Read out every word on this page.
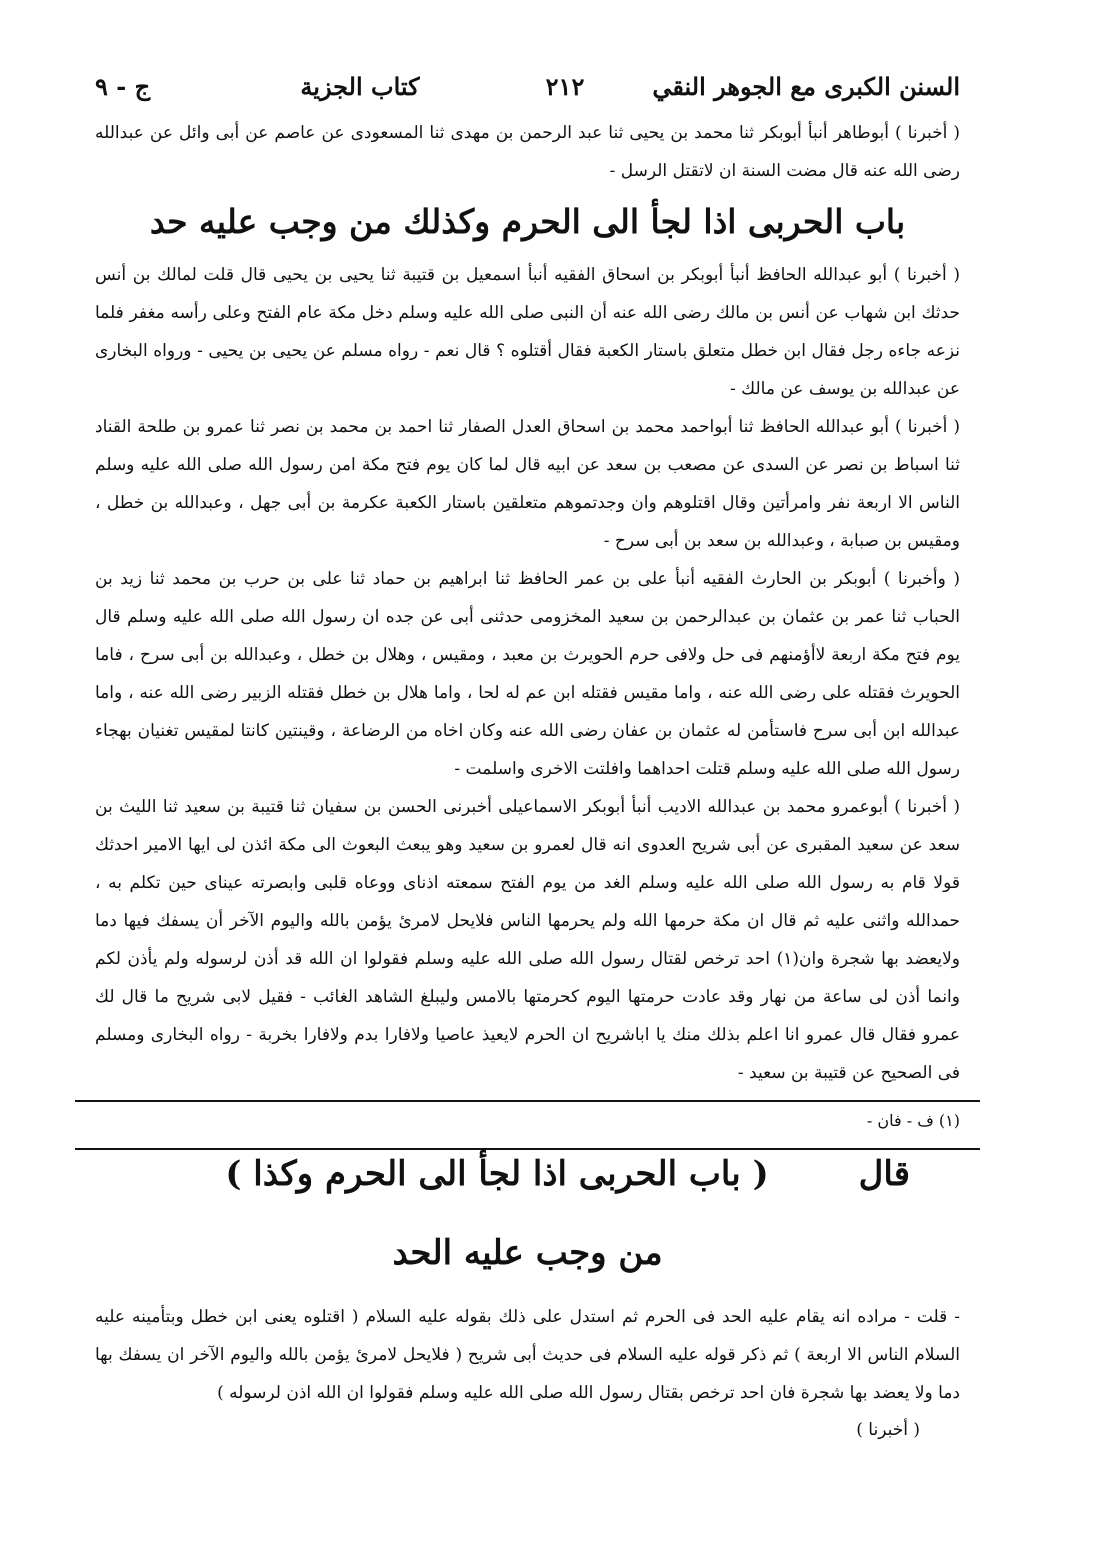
السنن الكبرى مع الجوهر النقي
٢١٢
كتاب الجزية
ج - ٩

( أخبرنا ) أبوطاهر أنبأ أبوبكر ثنا محمد بن يحيى ثنا عبد الرحمن بن مهدى ثنا المسعودى عن عاصم عن أبى وائل عن عبدالله رضى الله عنه قال مضت السنة ان لاتقتل الرسل -

باب الحربى اذا لجأ الى الحرم وكذلك من وجب عليه حد

( أخبرنا ) أبو عبدالله الحافظ أنبأ أبوبكر بن اسحاق الفقيه أنبأ اسمعيل بن قتيبة ثنا يحيى بن يحيى قال قلت لمالك بن أنس حدثك ابن شهاب عن أنس بن مالك رضى الله عنه أن النبى صلى الله عليه وسلم دخل مكة عام الفتح وعلى رأسه مغفر فلما نزعه جاءه رجل فقال ابن خطل متعلق باستار الكعبة فقال أقتلوه ؟ قال نعم - رواه مسلم عن يحيى بن يحيى - ورواه البخارى عن عبدالله بن يوسف عن مالك -

( أخبرنا ) أبو عبدالله الحافظ ثنا أبواحمد محمد بن اسحاق العدل الصفار ثنا احمد بن محمد بن نصر ثنا عمرو بن طلحة القناد ثنا اسباط بن نصر عن السدى عن مصعب بن سعد عن ابيه قال لما كان يوم فتح مكة امن رسول الله صلى الله عليه وسلم الناس الا اربعة نفر وامرأتين وقال اقتلوهم وان وجدتموهم متعلقين باستار الكعبة عكرمة بن أبى جهل ، وعبدالله بن خطل ، ومقيس بن صبابة ، وعبدالله بن سعد بن أبى سرح -

( وأخبرنا ) أبوبكر بن الحارث الفقيه أنبأ على بن عمر الحافظ ثنا ابراهيم بن حماد ثنا على بن حرب بن محمد ثنا زيد بن الحباب ثنا عمر بن عثمان بن عبدالرحمن بن سعيد المخزومى حدثنى أبى عن جده ان رسول الله صلى الله عليه وسلم قال يوم فتح مكة اربعة لاأؤمنهم فى حل ولافى حرم الحويرث بن معبد ، ومقيس ، وهلال بن خطل ، وعبدالله بن أبى سرح ، فاما الحويرث فقتله على رضى الله عنه ، واما مقيس فقتله ابن عم له لحا ، واما هلال بن خطل فقتله الزبير رضى الله عنه ، واما عبدالله ابن أبى سرح فاستأمن له عثمان بن عفان رضى الله عنه وكان اخاه من الرضاعة ، وقينتين كانتا لمقيس تغنيان بهجاء رسول الله صلى الله عليه وسلم قتلت احداهما وافلتت الاخرى واسلمت -

( أخبرنا ) أبوعمرو محمد بن عبدالله الاديب أنبأ أبوبكر الاسماعيلى أخبرنى الحسن بن سفيان ثنا قتيبة بن سعيد ثنا الليث بن سعد عن سعيد المقبرى عن أبى شريح العدوى انه قال لعمرو بن سعيد وهو يبعث البعوث الى مكة ائذن لى ايها الامير احدثك قولا قام به رسول الله صلى الله عليه وسلم الغد من يوم الفتح سمعته اذناى ووعاه قلبى وابصرته عيناى حين تكلم به ، حمدالله واثنى عليه ثم قال ان مكة حرمها الله ولم يحرمها الناس فلايحل لامرئ يؤمن بالله واليوم الآخر أن يسفك فيها دما ولايعضد بها شجرة وان(١) احد ترخص لقتال رسول الله صلى الله عليه وسلم فقولوا ان الله قد أذن لرسوله ولم يأذن لكم وانما أذن لى ساعة من نهار وقد عادت حرمتها اليوم كحرمتها بالامس وليبلغ الشاهد الغائب - فقيل لابى شريح ما قال لك عمرو فقال قال عمرو انا اعلم بذلك منك يا اباشريح ان الحرم لايعيذ عاصيا ولافارا بدم ولافارا بخربة - رواه البخارى ومسلم فى الصحيح عن قتيبة بن سعيد -

(١) ف - فان -

قال
( باب الحربى اذا لجأ الى الحرم وكذا )
من وجب عليه الحد

- قلت - مراده انه يقام عليه الحد فى الحرم ثم استدل على ذلك بقوله عليه السلام ( اقتلوه يعنى ابن خطل وبتأمينه عليه السلام الناس الا اربعة ) ثم ذكر قوله عليه السلام فى حديث أبى شريح ( فلايحل لامرئ يؤمن بالله واليوم الآخر ان يسفك بها دما ولا يعضد بها شجرة فان احد ترخص بقتال رسول الله صلى الله عليه وسلم فقولوا ان الله اذن لرسوله )

( أخبرنا )
